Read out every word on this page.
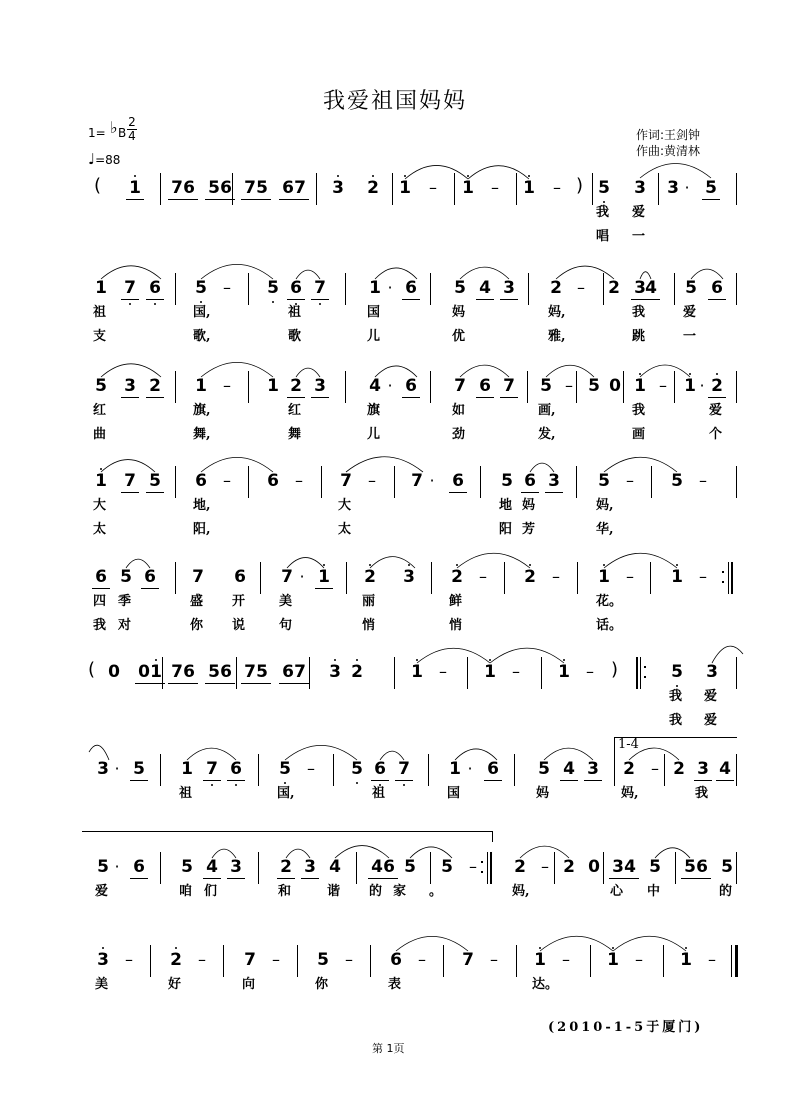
我爱祖国妈妈
1= ♭ B $\frac{2}{4}$
♩=88
作词:王剑钟
作曲:黄清林
( 1 7 6 5 6 7 5 6 7 3 2 1 – 1 – 1 – ) 5 3 3 · 5
我 爱
唱 一
1 7 6 5 – 5 6 7	1 · 6 5 4 3 2 – 2 3 4 5 6
祖	国,	祖	国	妈	妈,	我	爱
支	歌,	歌	儿	优	雅,	跳	一
5 3 2 1 – 1 2 3	4 · 6 7 6 7 5 – 5 0 1 – 1 · 2
红	旗,	红	旗	如	画,	我	爱
曲	舞,	舞	儿	劲	发,	画	个
1 7 5 6 – 6 – 7 – 7 · 6 5 6 3 5 – 5 –
大	地,	大	地 妈	妈,
太	阳,	太	阳 芳	华,
6 5 6 7 6 7 · 1 2 3 2 – 2 – 1 – 1 –
四 季	盛 开	美	丽	鲜	花。
我 对	你 说	句	悄	悄	话。
( 0 0 1 7 6 5 6 7 5 6 7 3 2	1 – 1 – 1 – )	5 3
我 爱
我 爱
3 · 5 1 7 6 5 – 5 6 7 1 · 6 5 4 3 2 – 2 3 4
1-4
祖	国,	祖	国	妈	妈,	我
5 · 6 5 4 3 2 3 4 4 6 5 5 – 2 – 2 0 3 4 5 5 6 5
爱	咱 们	和	谐 的 家 。	妈,	心 中	的
3 – 2 – 7 – 5 – 6 – 7 – 1 – 1 – 1 –
美	好	向	你	表	达。
(2010-1-5于厦门)
第 1页
